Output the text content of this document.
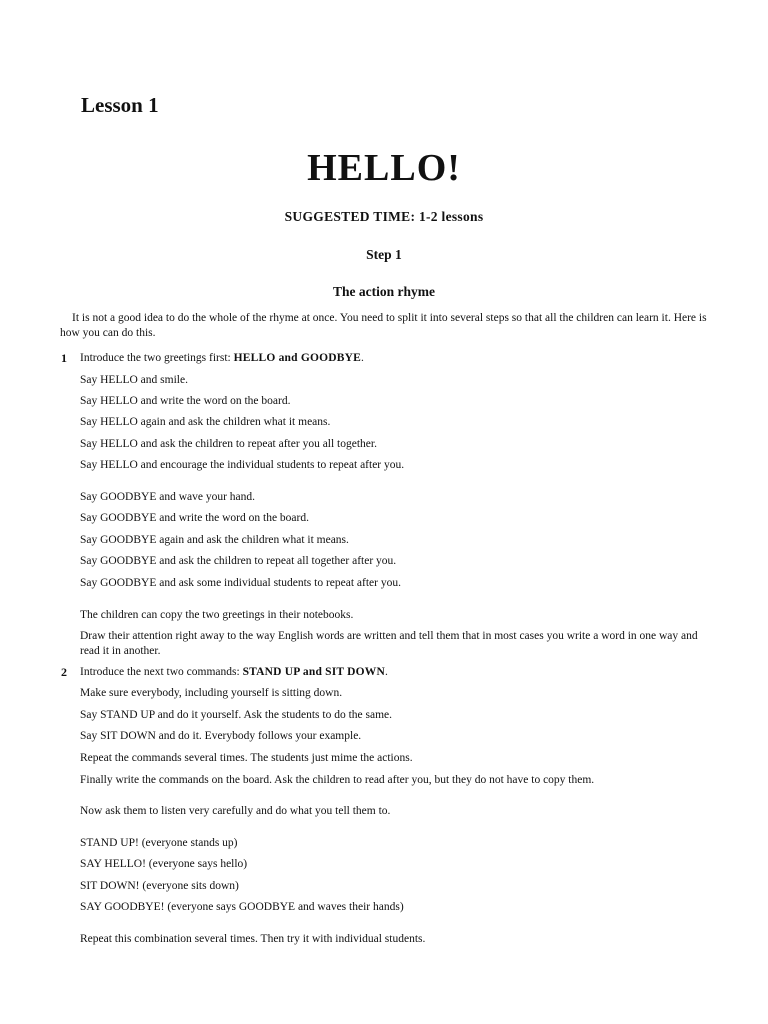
Lesson 1
HELLO!

SUGGESTED TIME: 1-2 lessons

Step 1

The action rhyme

It is not a good idea to do the whole of the rhyme at once. You need to split it into several steps so that all the children can learn it. Here is how you can do this.

1 Introduce the two greetings first: HELLO and GOODBYE.

Say HELLO and smile.

Say HELLO and write the word on the board.

Say HELLO again and ask the children what it means.

Say HELLO and ask the children to repeat after you all together.

Say HELLO and encourage the individual students to repeat after you.

Say GOODBYE and wave your hand.

Say GOODBYE and write the word on the board.

Say GOODBYE again and ask the children what it means.

Say GOODBYE and ask the children to repeat all together after you.

Say GOODBYE and ask some individual students to repeat after you.

The children can copy the two greetings in their notebooks.

Draw their attention right away to the way English words are written and tell them that in most cases you write a word in one way and read it in another.

2 Introduce the next two commands: STAND UP and SIT DOWN.

Make sure everybody, including yourself is sitting down.

Say STAND UP and do it yourself. Ask the students to do the same.

Say SIT DOWN and do it. Everybody follows your example.

Repeat the commands several times. The students just mime the actions.

Finally write the commands on the board. Ask the children to read after you, but they do not have to copy them.

Now ask them to listen very carefully and do what you tell them to.

STAND UP! (everyone stands up)

SAY HELLO! (everyone says hello)

SIT DOWN! (everyone sits down)

SAY GOODBYE! (everyone says GOODBYE and waves their hands)

Repeat this combination several times. Then try it with individual students.
